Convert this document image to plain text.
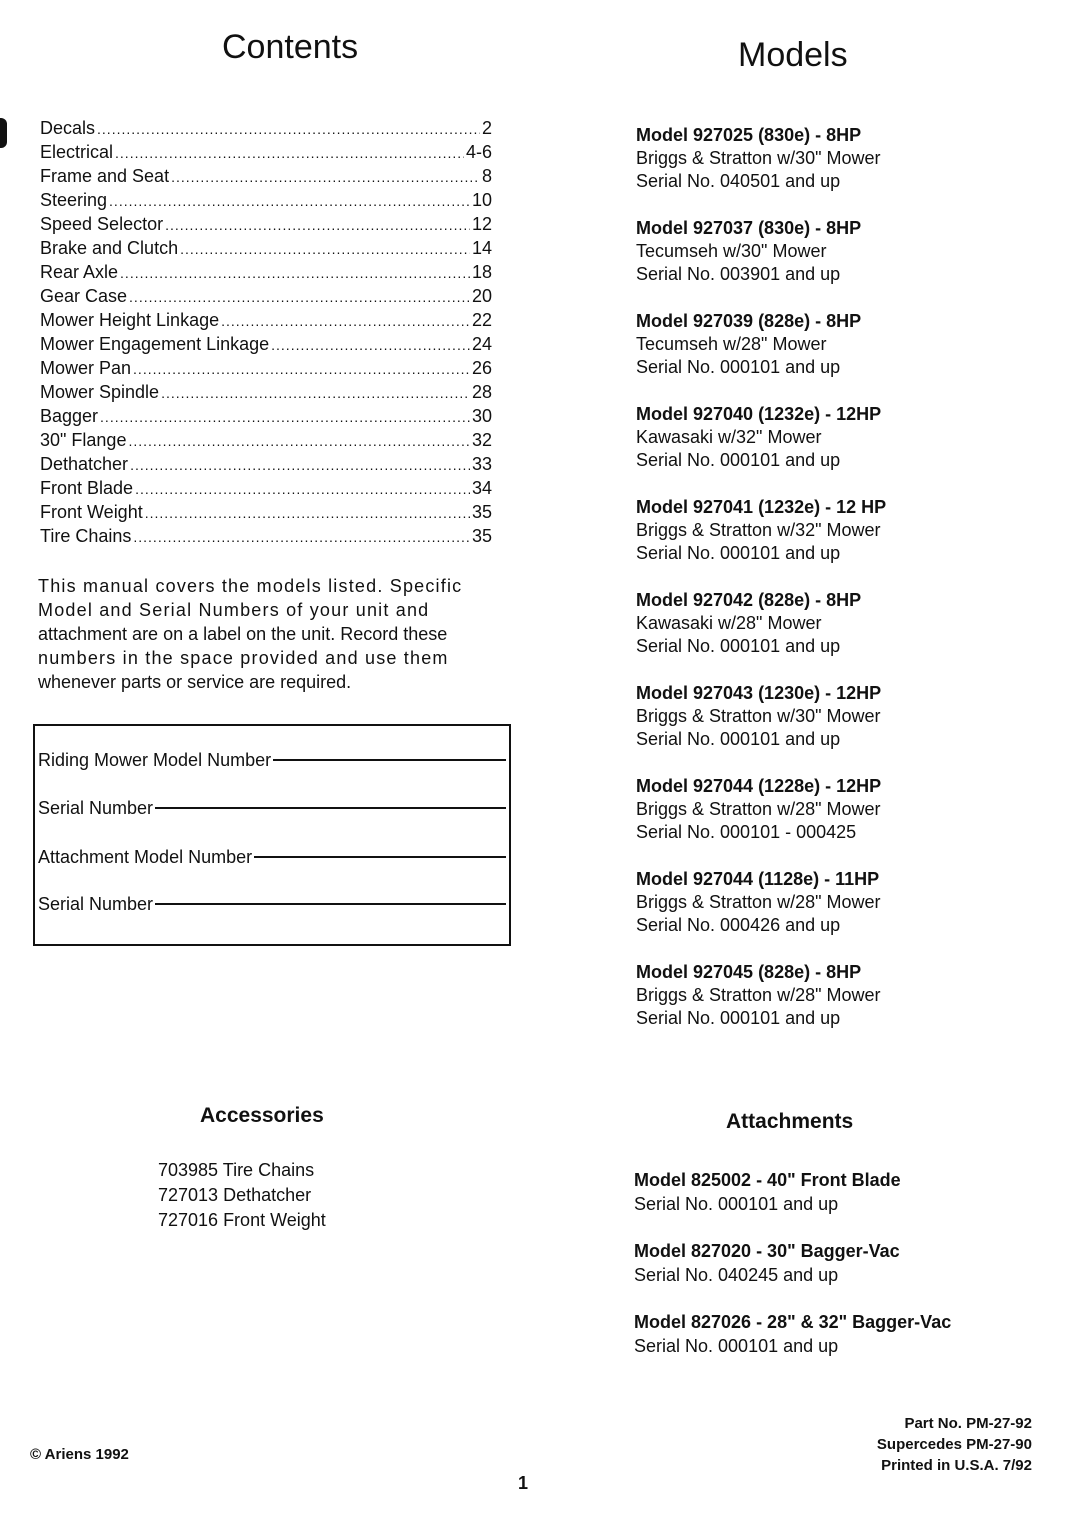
Contents
Decals .....	2
Electrical .....	4-6
Frame and Seat .....	8
Steering .....	10
Speed Selector .....	12
Brake and Clutch .....	14
Rear Axle .....	18
Gear Case .....	20
Mower Height Linkage .....	22
Mower Engagement Linkage .....	24
Mower Pan .....	26
Mower Spindle .....	28
Bagger .....	30
30" Flange .....	32
Dethatcher .....	33
Front Blade .....	34
Front Weight .....	35
Tire Chains .....	35
This manual covers the models listed. Specific
Model and Serial Numbers of your unit and
attachment are on a label on the unit. Record these
numbers in the space provided and use them
whenever parts or service are required.
Riding Mower Model Number
Serial Number
Attachment Model Number
Serial Number
Models
Model 927025 (830e) - 8HP
Briggs & Stratton w/30" Mower
Serial No. 040501 and up
Model 927037 (830e) - 8HP
Tecumseh w/30" Mower
Serial No. 003901 and up
Model 927039 (828e) - 8HP
Tecumseh w/28" Mower
Serial No. 000101 and up
Model 927040 (1232e) - 12HP
Kawasaki w/32" Mower
Serial No. 000101 and up
Model 927041 (1232e) - 12 HP
Briggs & Stratton w/32" Mower
Serial No. 000101 and up
Model 927042 (828e) - 8HP
Kawasaki w/28" Mower
Serial No. 000101 and up
Model 927043 (1230e) - 12HP
Briggs & Stratton w/30" Mower
Serial No. 000101 and up
Model 927044 (1228e) - 12HP
Briggs & Stratton w/28" Mower
Serial No. 000101 - 000425
Model 927044 (1128e) - 11HP
Briggs & Stratton w/28" Mower
Serial No. 000426 and up
Model 927045 (828e) - 8HP
Briggs & Stratton w/28" Mower
Serial No. 000101 and up
Accessories
703985 Tire Chains
727013 Dethatcher
727016 Front Weight
Attachments
Model 825002 - 40" Front Blade
Serial No. 000101 and up
Model 827020 - 30" Bagger-Vac
Serial No. 040245 and up
Model 827026 - 28" & 32" Bagger-Vac
Serial No. 000101 and up
© Ariens 1992
1
Part No. PM-27-92
Supercedes PM-27-90
Printed in U.S.A. 7/92
